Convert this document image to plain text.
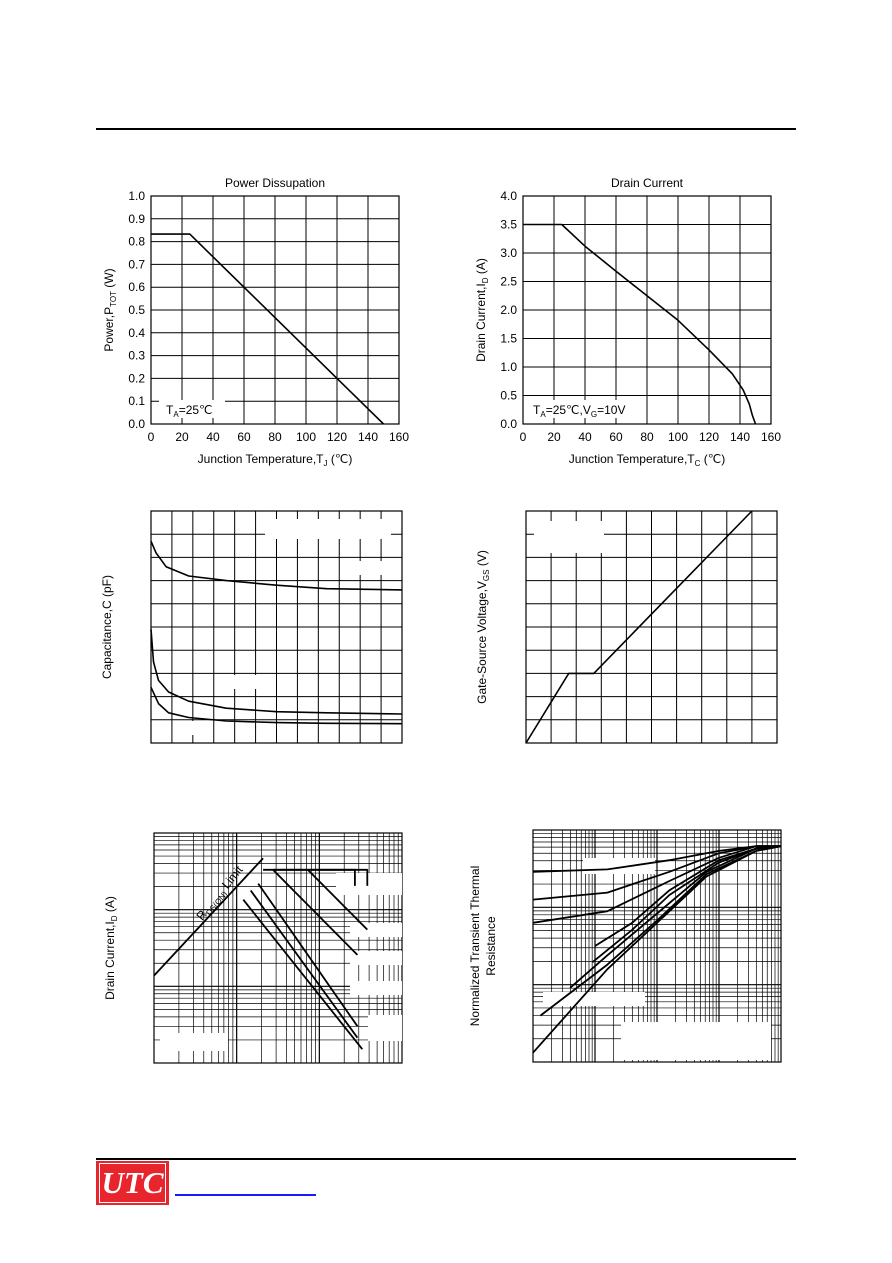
Power Dissupation
0 20 40 60 80 100 120 140 160
0.0
0.1
0.2
0.3
0.4
0.5
0.6
0.7
0.8
0.9
1.0
Junction $Temperature,T_J$ (℃)
$Power,P_{TOT}$ (W)
$T_A=25℃$
Drain Current
0 20 40 60 80 100 120 140 160
0.0
0.5
1.0
1.5
2.0
2.5
3.0
3.5
4.0
Junction $Temperature,T_C$ (℃)
Drain $Current,I_D$ (A)
$T_A=25℃,V_G=10V$
Capacitance,C (pF)	Gate-Source $Voltage,V_{GS}$ (V)
Drain $Current,I_D$ (A)	$R_{DS(ON)}$ Limit	Normalized Transient Thermal Resistance
UTC
